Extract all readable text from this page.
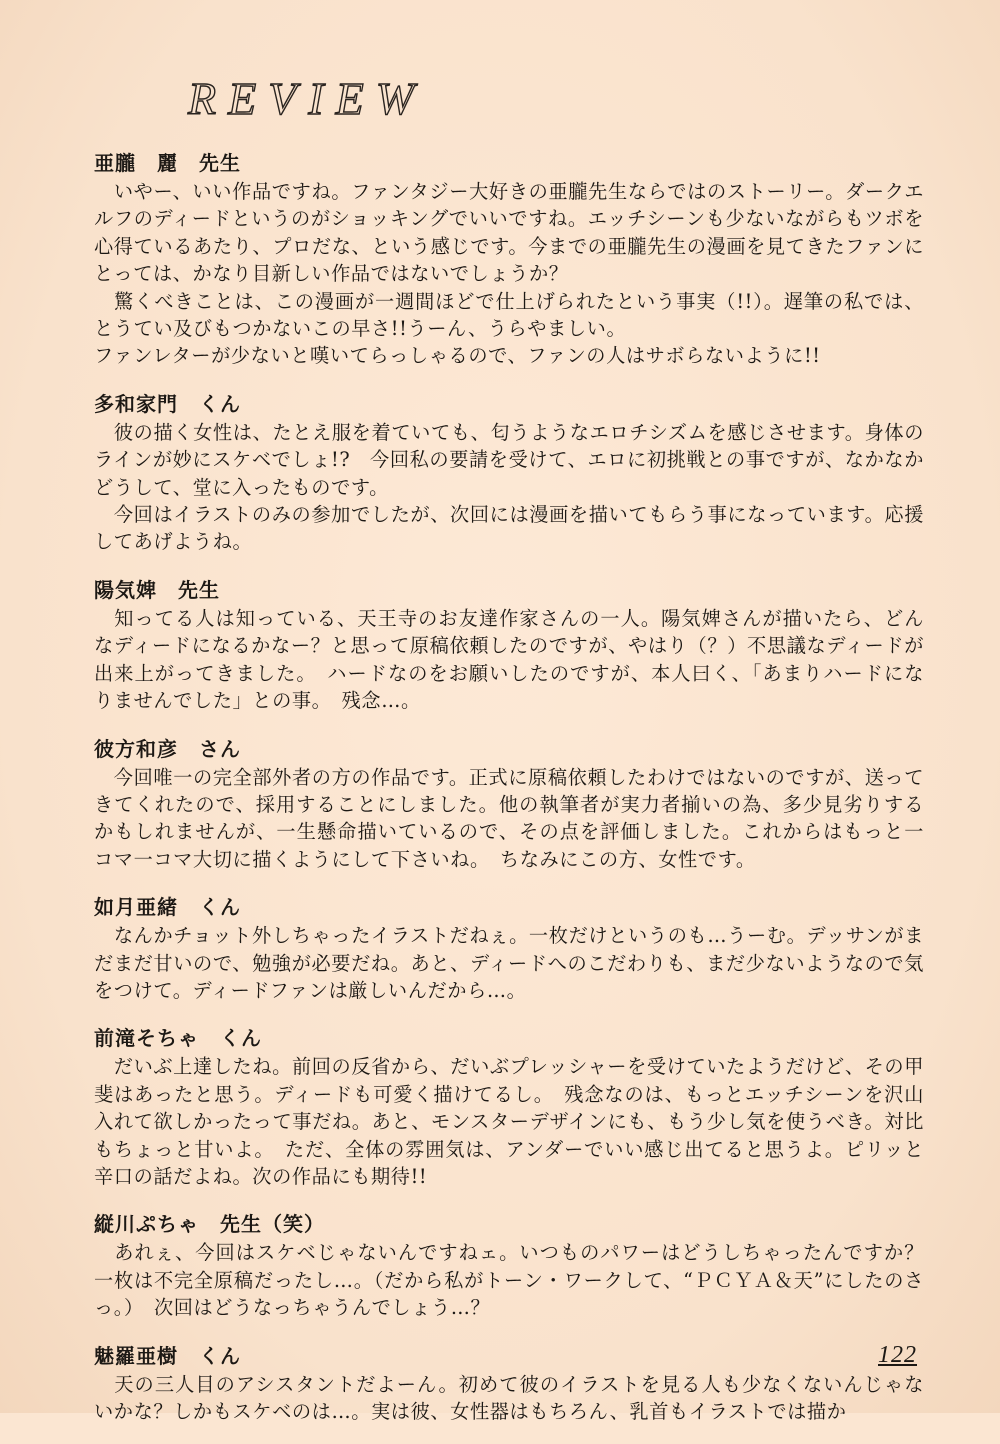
REVIEW
亜朧　麗　先生

　いやー、いい作品ですね。ファンタジー大好きの亜朧先生ならではのストーリー。ダークエルフのディードというのがショッキングでいいですね。エッチシーンも少ないながらもツボを心得ているあたり、プロだな、という感じです。今までの亜朧先生の漫画を見てきたファンにとっては、かなり目新しい作品ではないでしょうか？

　驚くべきことは、この漫画が一週間ほどで仕上げられたという事実（!!）。遅筆の私では、とうてい及びもつかないこの早さ!!うーん、うらやましい。

ファンレターが少ないと嘆いてらっしゃるので、ファンの人はサボらないように!!

多和家門　くん

　彼の描く女性は、たとえ服を着ていても、匂うようなエロチシズムを感じさせます。身体のラインが妙にスケベでしょ!?　今回私の要請を受けて、エロに初挑戦との事ですが、なかなかどうして、堂に入ったものです。

　今回はイラストのみの参加でしたが、次回には漫画を描いてもらう事になっています。応援してあげようね。

陽気婢　先生

　知ってる人は知っている、天王寺のお友達作家さんの一人。陽気婢さんが描いたら、どんなディードになるかなー？と思って原稿依頼したのですが、やはり（？）不思議なディードが出来上がってきました。　ハードなのをお願いしたのですが、本人曰く、「あまりハードになりませんでした」との事。　残念…。

彼方和彦　さん

　今回唯一の完全部外者の方の作品です。正式に原稿依頼したわけではないのですが、送ってきてくれたので、採用することにしました。他の執筆者が実力者揃いの為、多少見劣りするかもしれませんが、一生懸命描いているので、その点を評価しました。これからはもっと一コマ一コマ大切に描くようにして下さいね。　ちなみにこの方、女性です。

如月亜緒　くん

　なんかチョット外しちゃったイラストだねぇ。一枚だけというのも…うーむ。デッサンがまだまだ甘いので、勉強が必要だね。あと、ディードへのこだわりも、まだ少ないようなので気をつけて。ディードファンは厳しいんだから…。

前滝そちゃ　くん

　だいぶ上達したね。前回の反省から、だいぶプレッシャーを受けていたようだけど、その甲斐はあったと思う。ディードも可愛く描けてるし。　残念なのは、もっとエッチシーンを沢山入れて欲しかったって事だね。あと、モンスターデザインにも、もう少し気を使うべき。対比もちょっと甘いよ。　ただ、全体の雰囲気は、アンダーでいい感じ出てると思うよ。ピリッと辛口の話だよね。次の作品にも期待!!

縦川ぷちゃ　先生（笑）

　あれぇ、今回はスケベじゃないんですねェ。いつものパワーはどうしちゃったんですか？　一枚は不完全原稿だったし…。（だから私がトーン・ワークして、“ＰＣＹＡ＆天”にしたのさっ。）　次回はどうなっちゃうんでしょう…？

魅羅亜樹　くん

　天の三人目のアシスタントだよーん。初めて彼のイラストを見る人も少なくないんじゃないかな？しかもスケベのは…。実は彼、女性器はもちろん、乳首もイラストでは描か

122
